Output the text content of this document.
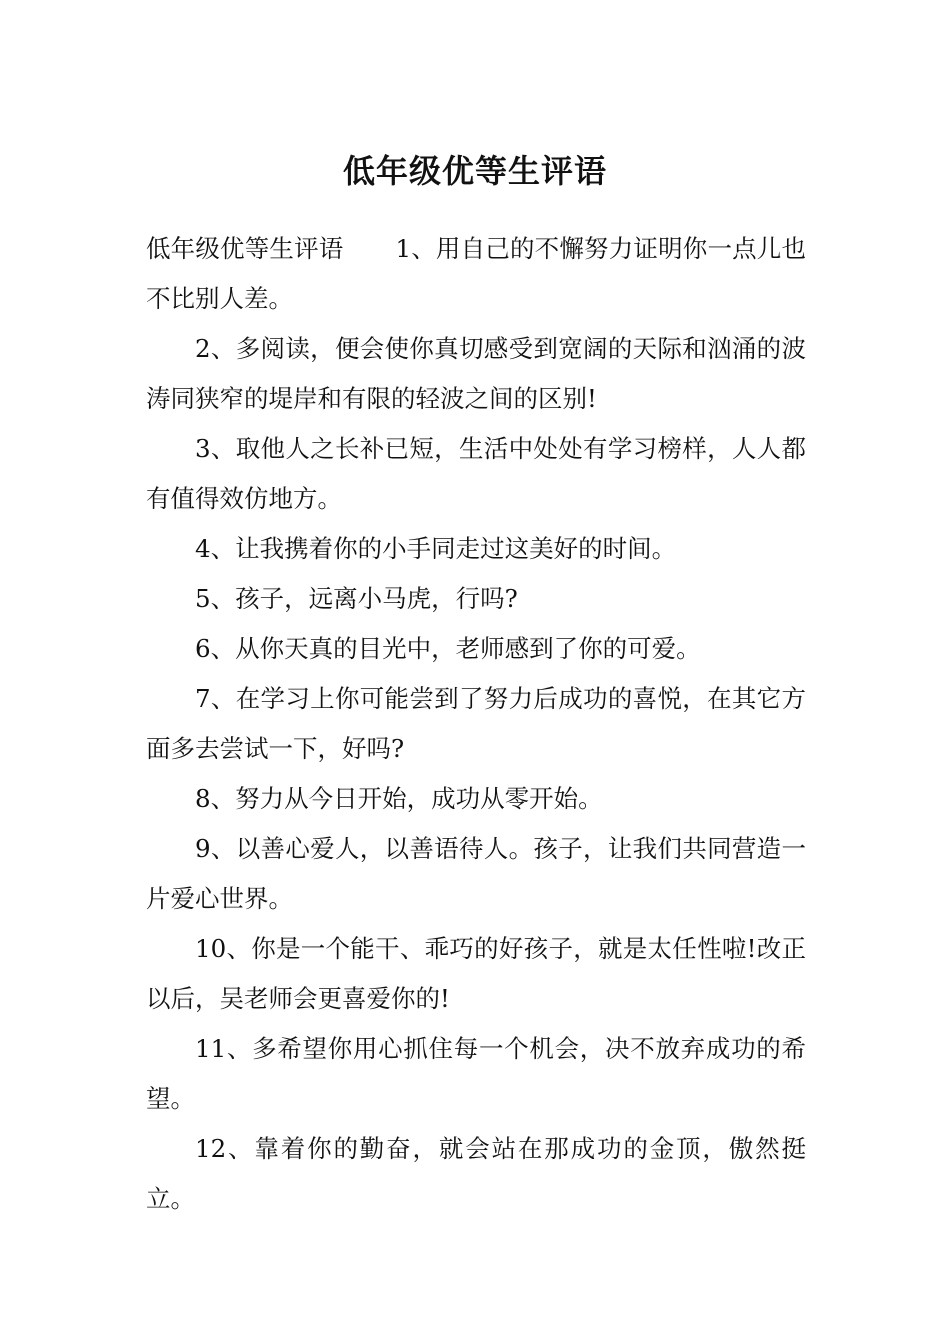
低年级优等生评语

低年级优等生评语 1、用自己的不懈努力证明你一点儿也不比别人差。

2、多阅读，便会使你真切感受到宽阔的天际和汹涌的波涛同狭窄的堤岸和有限的轻波之间的区别!

3、取他人之长补已短，生活中处处有学习榜样，人人都有值得效仿地方。

4、让我携着你的小手同走过这美好的时间。

5、孩子，远离小马虎，行吗?

6、从你天真的目光中，老师感到了你的可爱。

7、在学习上你可能尝到了努力后成功的喜悦，在其它方面多去尝试一下，好吗?

8、努力从今日开始，成功从零开始。

9、以善心爱人，以善语待人。孩子，让我们共同营造一片爱心世界。

10、你是一个能干、乖巧的好孩子，就是太任性啦!改正以后，吴老师会更喜爱你的!

11、多希望你用心抓住每一个机会，决不放弃成功的希望。

12、靠着你的勤奋，就会站在那成功的金顶，傲然挺立。
